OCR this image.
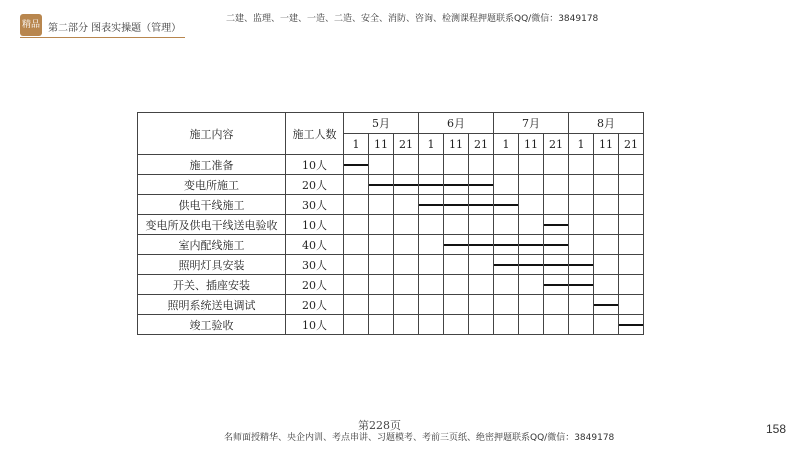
精品 第二部分 图表实操题（管理）
二建、监理、一建、一造、二造、安全、消防、咨询、检测课程押题联系QQ/微信：3849178
施工内容	施工人数	5月			6月			7月			8月		
		1	11	21	1	11	21	1	11	21	1	11	21
施工准备	10人	

变电所施工	20人		

供电干线施工	30人				

变电所及供电干线送电验收	10人									

室内配线施工	40人					

照明灯具安装	30人							

开关、插座安装	20人									

照明系统送电调试	20人											

竣工验收	10人												
第228页
名师面授精华、央企内训、考点串讲、习题模考、考前三页纸、绝密押题联系QQ/微信：3849178
158
